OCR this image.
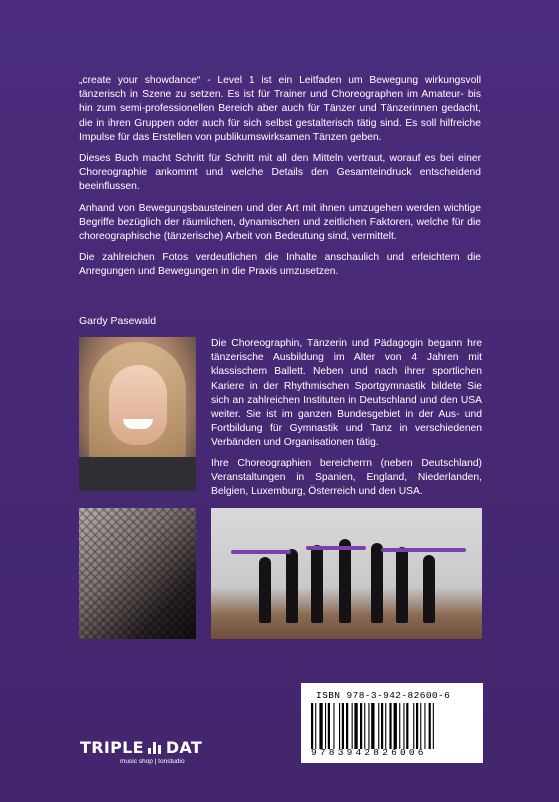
„create your showdance“ - Level 1 ist ein Leitfaden um Bewegung wirkungsvoll tänzerisch in Szene zu setzen. Es ist für Trainer und Choreographen im Amateur- bis hin zum semi-professionellen Bereich aber auch für Tänzer und Tänzerinnen gedacht, die in ihren Gruppen oder auch für sich selbst gestalterisch tätig sind. Es soll hilfreiche Impulse für das Erstellen von publikumswirksamen Tänzen geben.

Dieses Buch macht Schritt für Schritt mit all den Mitteln vertraut, worauf es bei einer Choreographie ankommt und welche Details den Gesamteindruck entscheidend beeinflussen.

Anhand von Bewegungsbausteinen und der Art mit ihnen umzugehen werden wichtige Begriffe bezüglich der räumlichen, dynamischen und zeitlichen Faktoren, welche für die choreographische (tänzerische) Arbeit von Bedeutung sind, vermittelt.

Die zahlreichen Fotos verdeutlichen die Inhalte anschaulich und erleichtern die Anregungen und Bewegungen in die Praxis umzusetzen.

Gardy Pasewald

Die Choreographin, Tänzerin und Pädagogin begann hre tänzerische Ausbildung im Alter von 4 Jahren mit klassischem Ballett. Neben und nach ihrer sportlichen Kariere in der Rhythmischen Sportgymnastik bildete Sie sich an zahlreichen Instituten in Deutschland und den USA weiter. Sie ist im ganzen Bundesgebiet in der Aus- und Fortbildung für Gymnastik und Tanz in verschiedenen Verbänden und Organisationen tätig.

Ihre Choreographien bereicherrn (neben Deutschland) Veranstaltungen in Spanien, England, Niederlanden, Belgien, Luxemburg, Österreich und den USA.

ISBN 978-3-942-82600-6
9783942826006
TRIPLE DAT
music shop | tonstudio
